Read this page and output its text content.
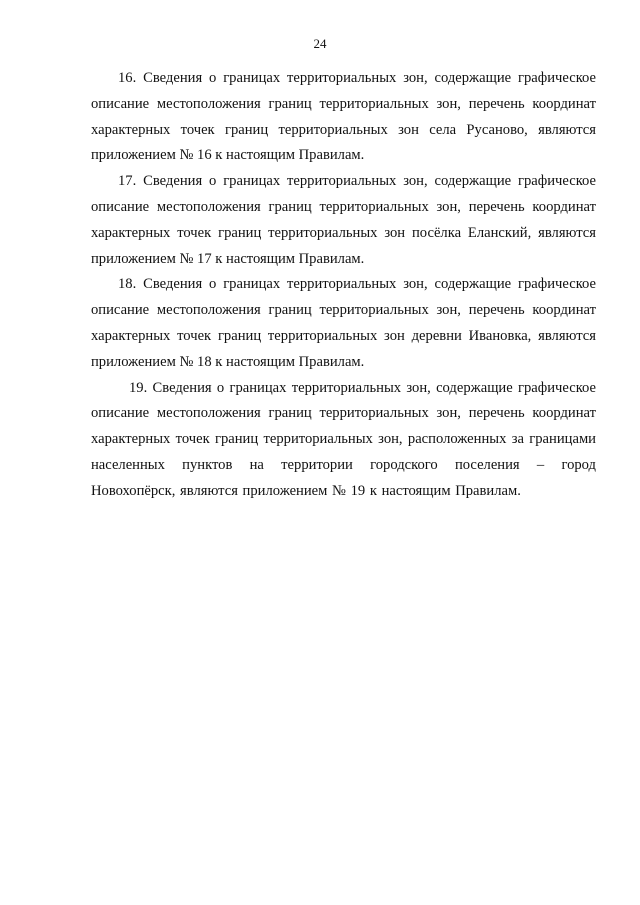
24

16. Сведения о границах территориальных зон, содержащие графическое описание местоположения границ территориальных зон, перечень координат характерных точек границ территориальных зон села Русаново, являются приложением № 16 к настоящим Правилам.

17. Сведения о границах территориальных зон, содержащие графическое описание местоположения границ территориальных зон, перечень координат характерных точек границ территориальных зон посёлка Еланский, являются приложением № 17 к настоящим Правилам.

18. Сведения о границах территориальных зон, содержащие графическое описание местоположения границ территориальных зон, перечень координат характерных точек границ территориальных зон деревни Ивановка, являются приложением № 18 к настоящим Правилам.

19. Сведения о границах территориальных зон, содержащие графическое описание местоположения границ территориальных зон, перечень координат характерных точек границ территориальных зон, расположенных за границами населенных пунктов на территории городского поселения – город Новохопёрск, являются приложением № 19 к настоящим Правилам.
